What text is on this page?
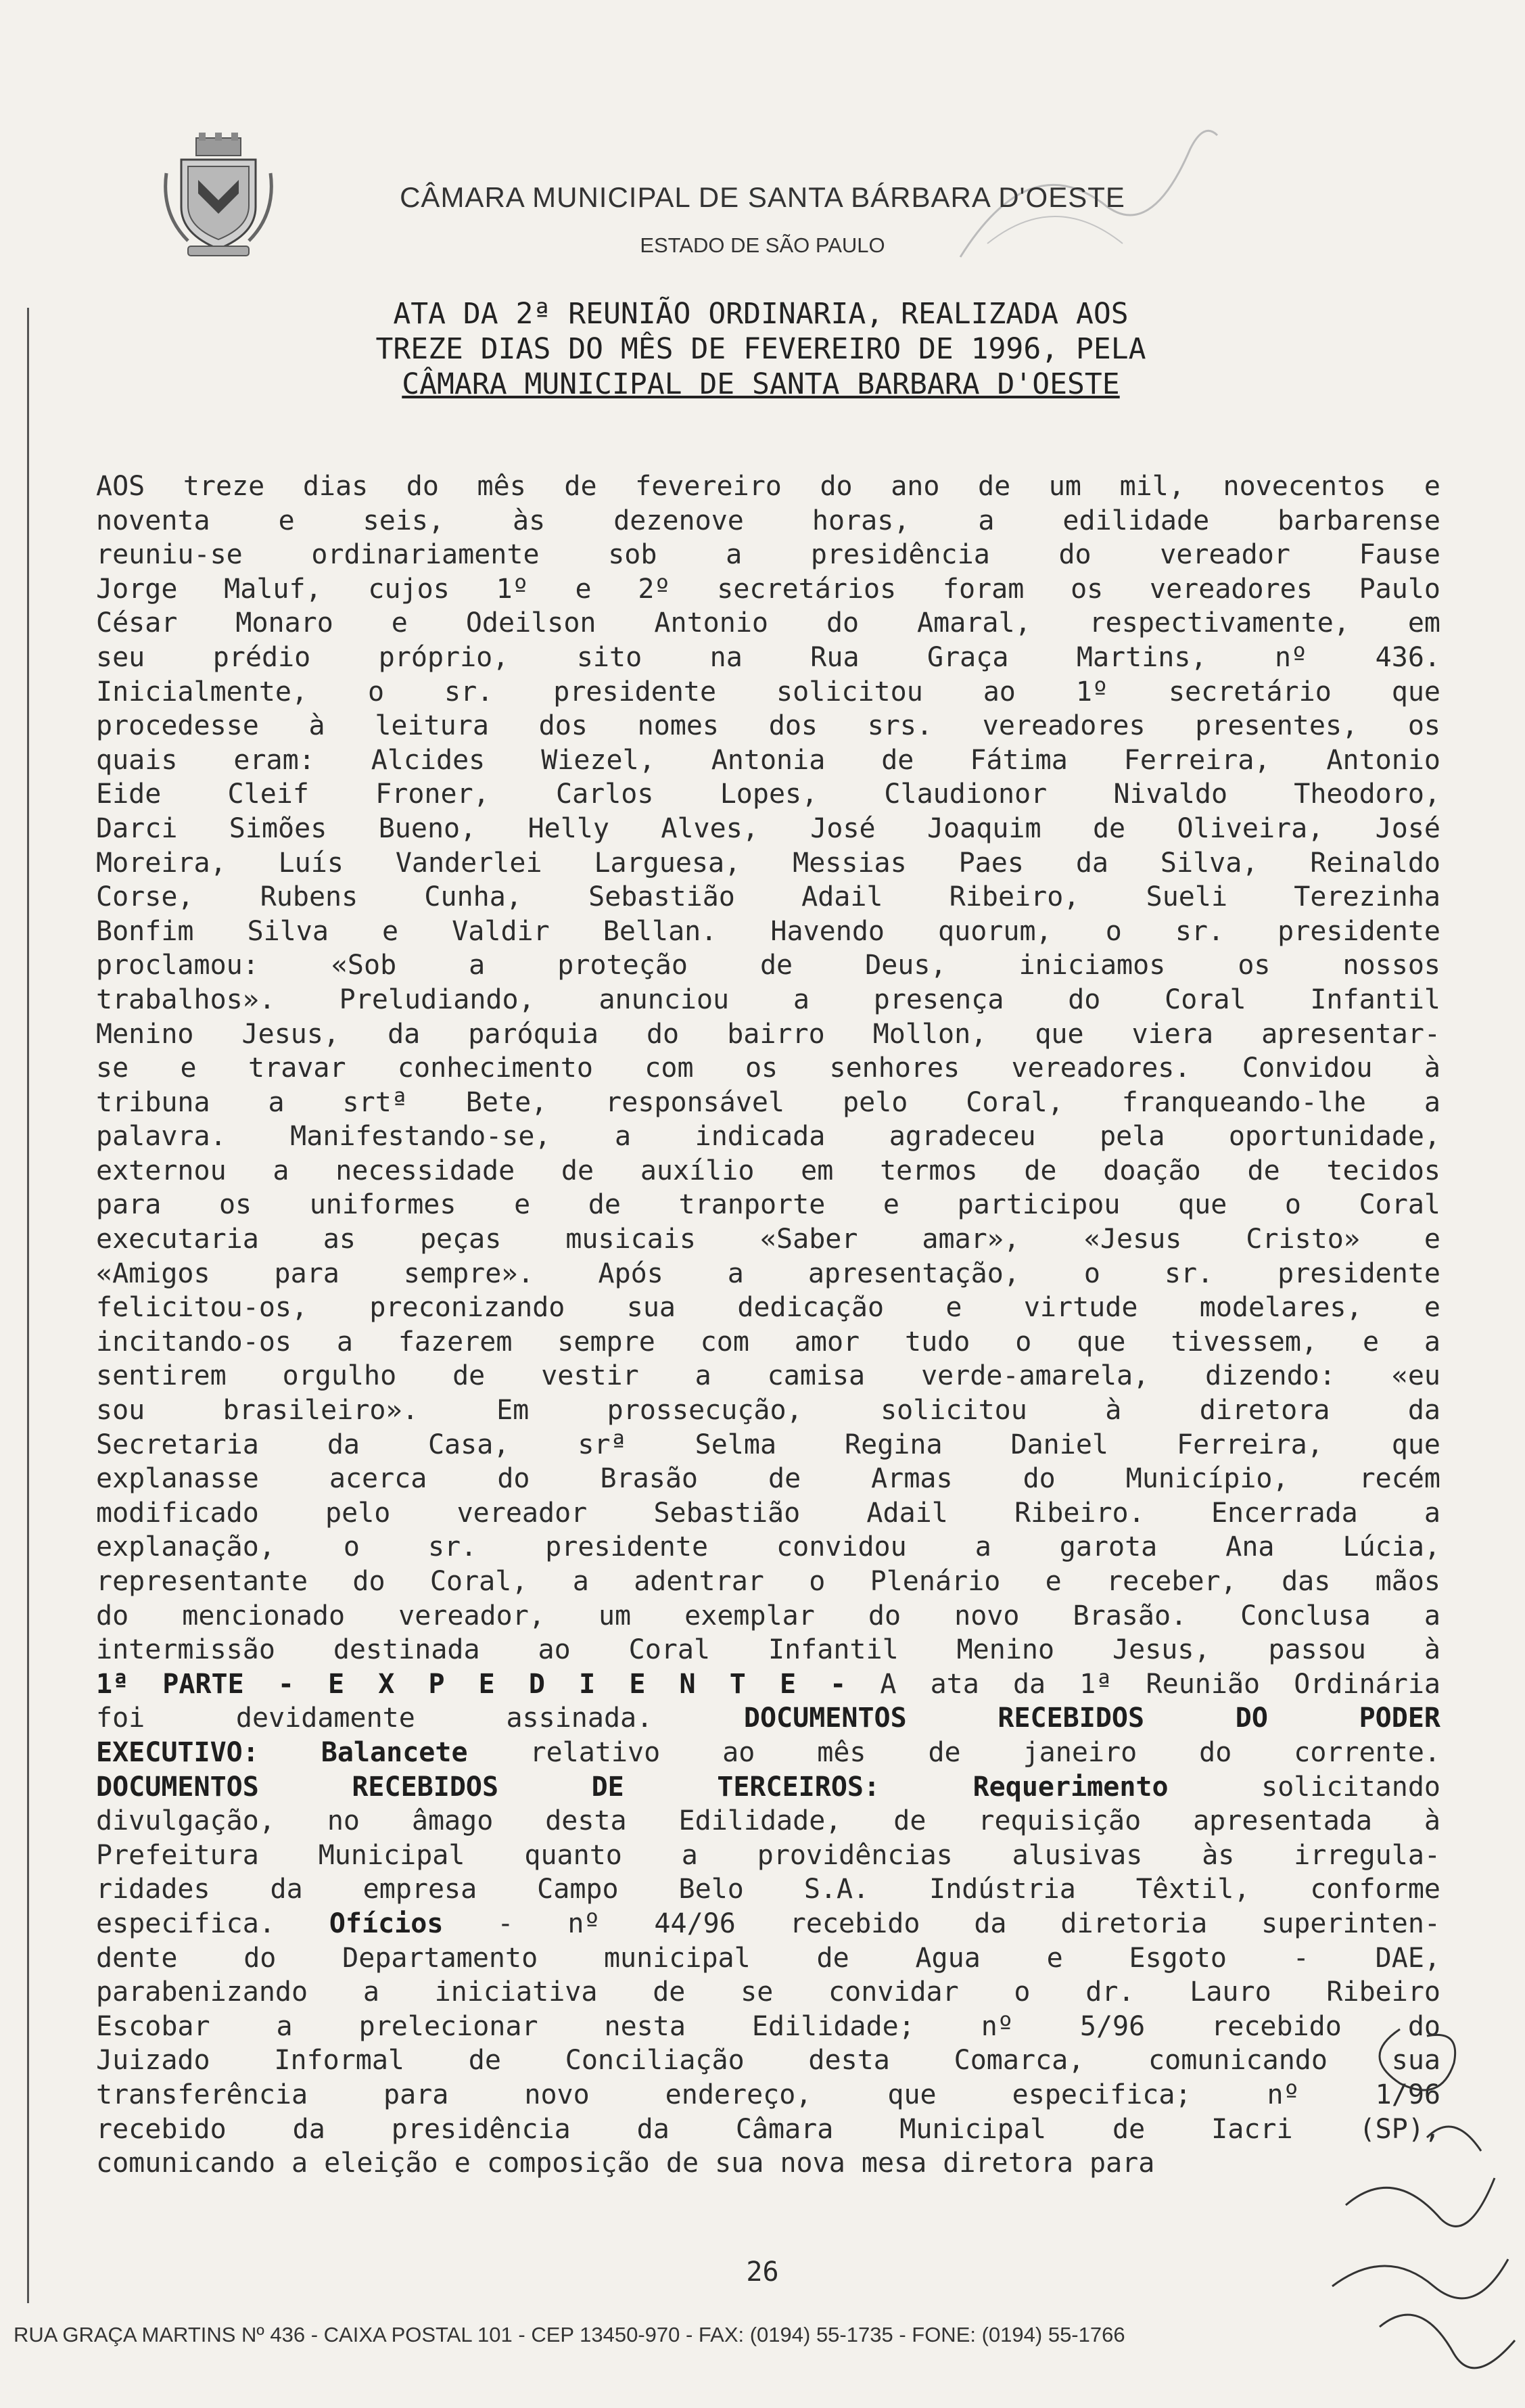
CÂMARA MUNICIPAL DE SANTA BÁRBARA D'OESTE
ESTADO DE SÃO PAULO
ATA DA 2ª REUNIÃO ORDINARIA, REALIZADA AOS
TREZE DIAS DO MÊS DE FEVEREIRO DE 1996, PELA
CÂMARA MUNICIPAL DE SANTA BARBARA D'OESTE
AOS treze dias do mês de fevereiro do ano de um mil, novecentos e
noventa e seis, às dezenove horas, a edilidade barbarense
reuniu-se ordinariamente sob a presidência do vereador Fause
Jorge Maluf, cujos 1º e 2º secretários foram os vereadores Paulo
César Monaro e Odeilson Antonio do Amaral, respectivamente, em
seu prédio próprio, sito na Rua Graça Martins, nº 436.
Inicialmente, o sr. presidente solicitou ao 1º secretário que
procedesse à leitura dos nomes dos srs. vereadores presentes, os
quais eram: Alcides Wiezel, Antonia de Fátima Ferreira, Antonio
Eide Cleif Froner, Carlos Lopes, Claudionor Nivaldo Theodoro,
Darci Simões Bueno, Helly Alves, José Joaquim de Oliveira, José
Moreira, Luís Vanderlei Larguesa, Messias Paes da Silva, Reinaldo
Corse, Rubens Cunha, Sebastião Adail Ribeiro, Sueli Terezinha
Bonfim Silva e Valdir Bellan. Havendo quorum, o sr. presidente
proclamou: «Sob a proteção de Deus, iniciamos os nossos
trabalhos». Preludiando, anunciou a presença do Coral Infantil
Menino Jesus, da paróquia do bairro Mollon, que viera apresentar-
se e travar conhecimento com os senhores vereadores. Convidou à
tribuna a srtª Bete, responsável pelo Coral, franqueando-lhe a
palavra. Manifestando-se, a indicada agradeceu pela oportunidade,
externou a necessidade de auxílio em termos de doação de tecidos
para os uniformes e de tranporte e participou que o Coral
executaria as peças musicais «Saber amar», «Jesus Cristo» e
«Amigos para sempre». Após a apresentação, o sr. presidente
felicitou-os, preconizando sua dedicação e virtude modelares, e
incitando-os a fazerem sempre com amor tudo o que tivessem, e a
sentirem orgulho de vestir a camisa verde-amarela, dizendo: «eu
sou brasileiro». Em prossecução, solicitou à diretora da
Secretaria da Casa, srª Selma Regina Daniel Ferreira, que
explanasse acerca do Brasão de Armas do Município, recém
modificado pelo vereador Sebastião Adail Ribeiro. Encerrada a
explanação, o sr. presidente convidou a garota Ana Lúcia,
representante do Coral, a adentrar o Plenário e receber, das mãos
do mencionado vereador, um exemplar do novo Brasão. Conclusa a
intermissão destinada ao Coral Infantil Menino Jesus, passou à
1ª PARTE - E X P E D I E N T E - A ata da 1ª Reunião Ordinária
foi devidamente assinada. DOCUMENTOS RECEBIDOS DO PODER
EXECUTIVO: Balancete relativo ao mês de janeiro do corrente.
DOCUMENTOS RECEBIDOS DE TERCEIROS: Requerimento solicitando
divulgação, no âmago desta Edilidade, de requisição apresentada à
Prefeitura Municipal quanto a providências alusivas às irregula-
ridades da empresa Campo Belo S.A. Indústria Têxtil, conforme
especifica. Ofícios - nº 44/96 recebido da diretoria superinten-
dente do Departamento municipal de Agua e Esgoto - DAE,
parabenizando a iniciativa de se convidar o dr. Lauro Ribeiro
Escobar a prelecionar nesta Edilidade; nº 5/96 recebido do
Juizado Informal de Conciliação desta Comarca, comunicando sua
transferência para novo endereço, que especifica; nº 1/96
recebido da presidência da Câmara Municipal de Iacri (SP),
comunicando a eleição e composição de sua nova mesa diretora para
26
RUA GRAÇA MARTINS Nº 436 - CAIXA POSTAL 101 - CEP 13450-970 - FAX: (0194) 55-1735 - FONE: (0194) 55-1766
